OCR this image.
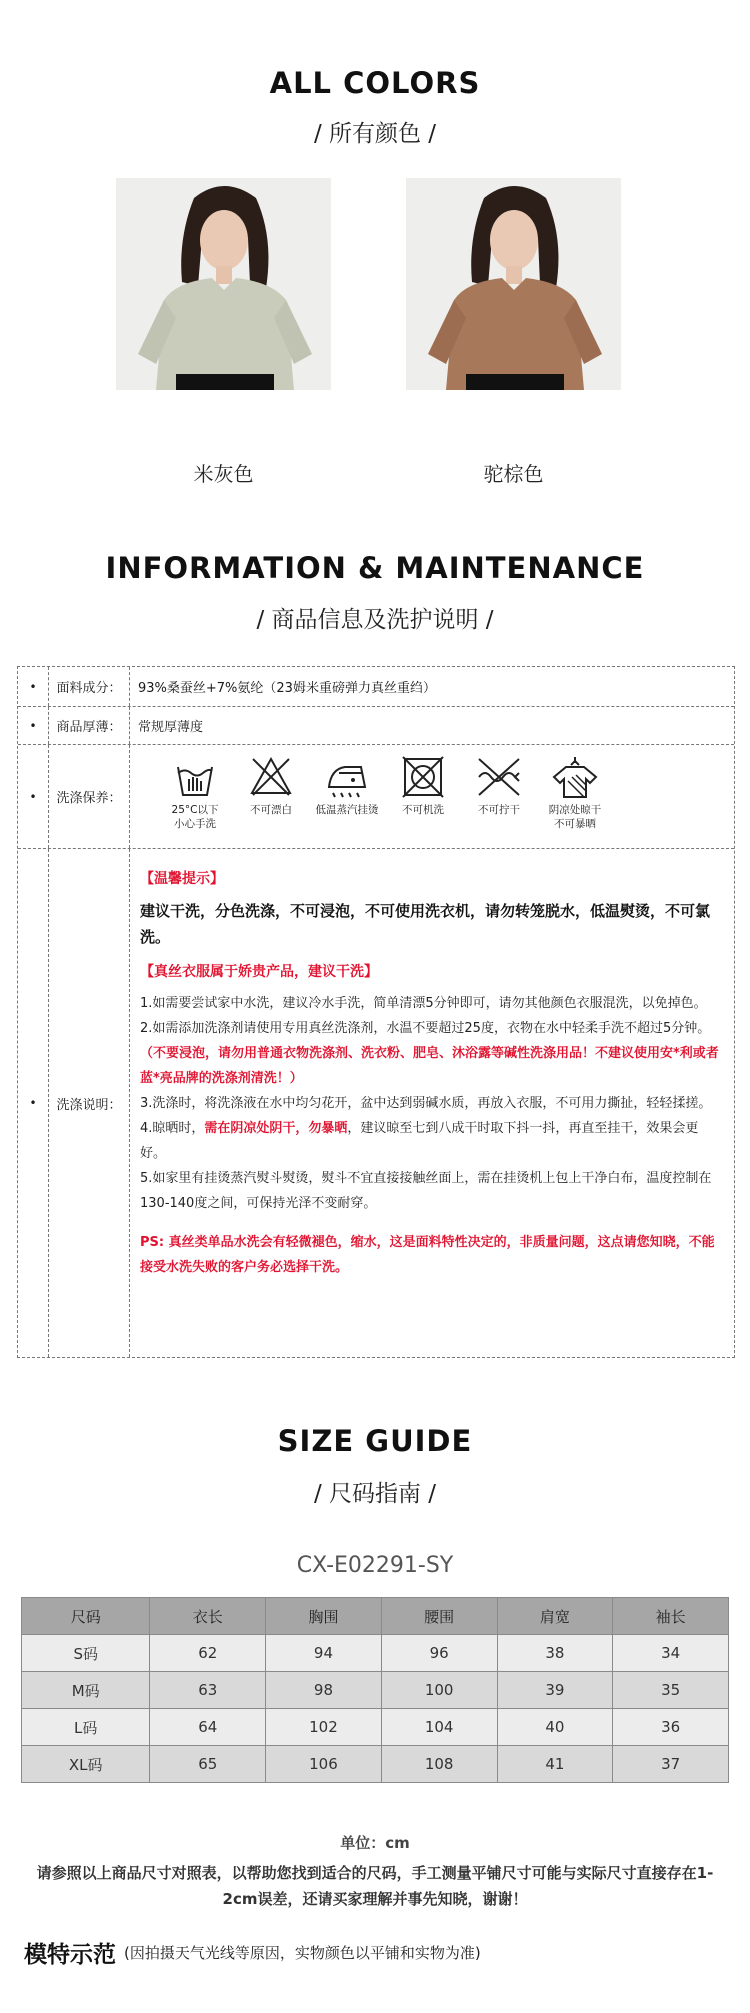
ALL COLORS
/ 所有颜色 /
米灰色	驼棕色
INFORMATION & MAINTENANCE
/ 商品信息及洗护说明 /
•	面料成分：	93%桑蚕丝+7%氨纶（23姆米重磅弹力真丝重绉）
•	商品厚薄：	常规厚薄度
•	洗涤保养：
25°C以下
小心手洗
不可漂白	低温蒸汽挂烫	不可机洗	不可拧干	阴凉处晾干
不可暴晒
•	洗涤说明：
【温馨提示】
建议干洗，分色洗涤，不可浸泡，不可使用洗衣机，请勿转笼脱水，低温熨烫，不可氯洗。
【真丝衣服属于娇贵产品，建议干洗】

1.如需要尝试家中水洗，建议冷水手洗，简单清漂5分钟即可，请勿其他颜色衣服混洗，以免掉色。

2.如需添加洗涤剂请使用专用真丝洗涤剂，水温不要超过25度，衣物在水中轻柔手洗不超过5分钟。（不要浸泡，请勿用普通衣物洗涤剂、洗衣粉、肥皂、沐浴露等碱性洗涤用品！不建议使用安*利或者蓝*亮品牌的洗涤剂清洗！）

3.洗涤时，将洗涤液在水中均匀花开，盆中达到弱碱水质，再放入衣服，不可用力撕扯，轻轻揉搓。

4.晾晒时，需在阴凉处阴干，勿暴晒，建议晾至七到八成干时取下抖一抖，再直至挂干，效果会更好。

5.如家里有挂烫蒸汽熨斗熨烫，熨斗不宜直接接触丝面上，需在挂烫机上包上干净白布，温度控制在130-140度之间，可保持光泽不变耐穿。

PS: 真丝类单品水洗会有轻微褪色，缩水，这是面料特性决定的，非质量问题，这点请您知晓，不能接受水洗失败的客户务必选择干洗。

SIZE GUIDE
/ 尺码指南 /
CX-E02291-SY
尺码	衣长	胸围	腰围	肩宽	袖长
S码	62	94	96	38	34
M码	63	98	100	39	35
L码	64	102	104	40	36
XL码	65	106	108	41	37
单位：cm
请参照以上商品尺寸对照表，以帮助您找到适合的尺码，手工测量平铺尺寸可能与实际尺寸直接存在1-2cm误差，还请买家理解并事先知晓，谢谢！
模特示范 (因拍摄天气光线等原因，实物颜色以平铺和实物为准)
